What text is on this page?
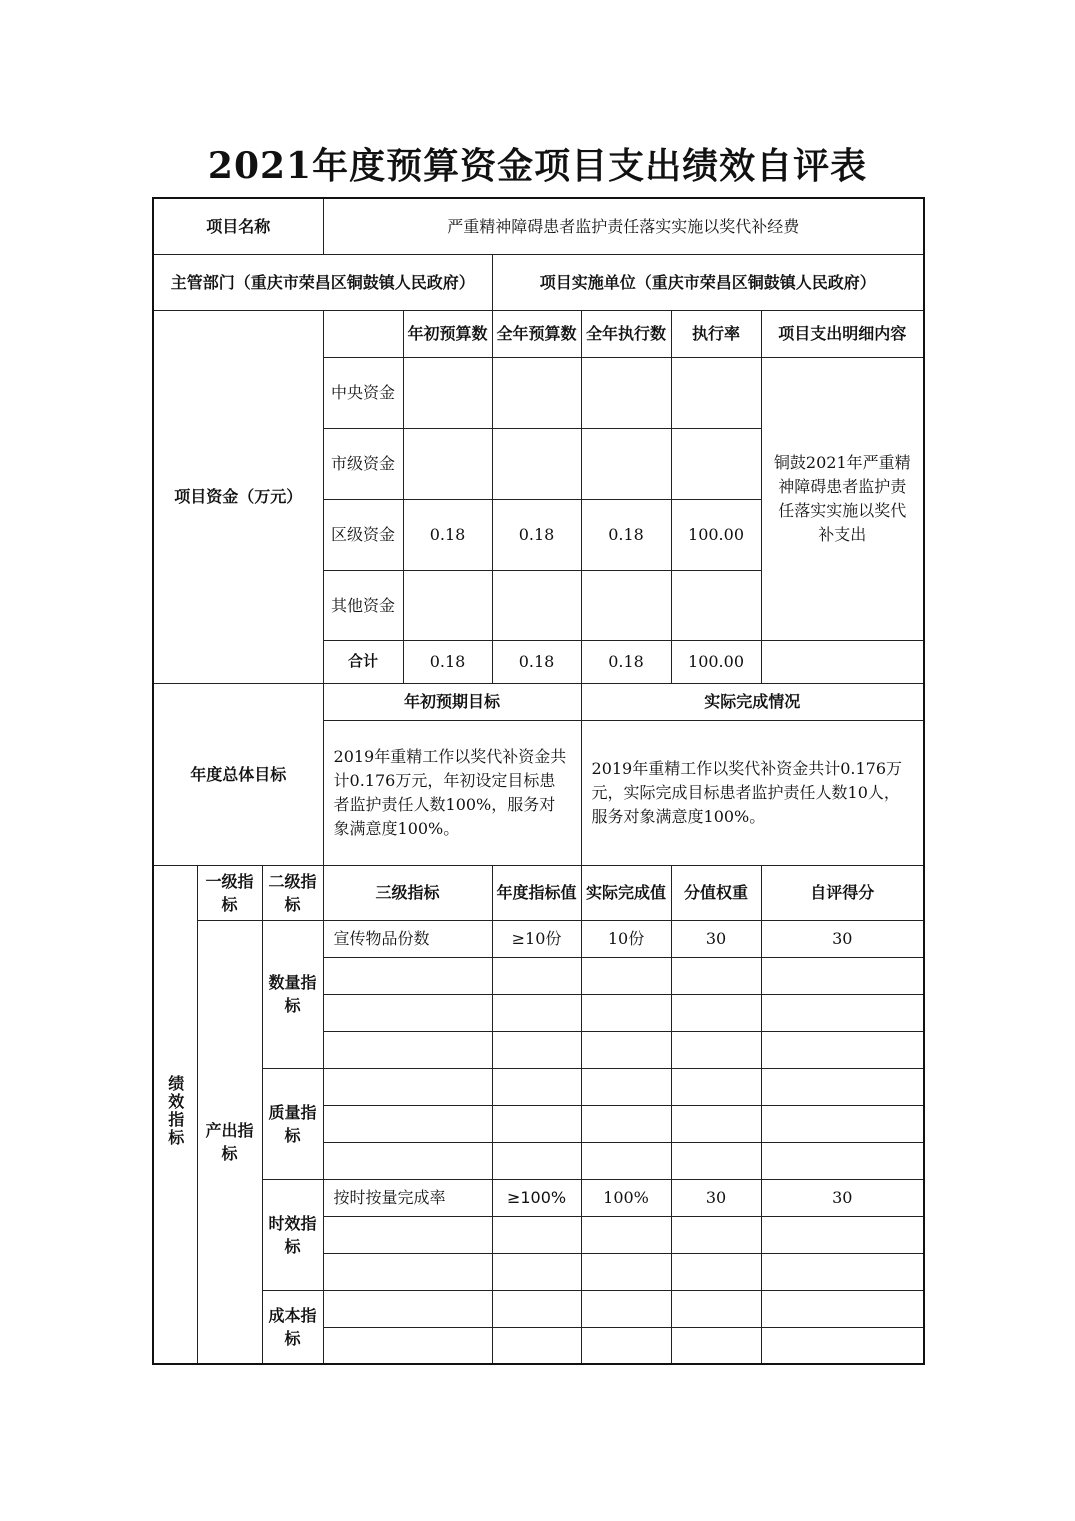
2021年度预算资金项目支出绩效自评表
项目名称			严重精神障碍患者监护责任落实实施以奖代补经费					
主管部门（重庆市荣昌区铜鼓镇人民政府）					项目实施单位（重庆市荣昌区铜鼓镇人民政府）			
项目资金（万元）				年初预算数	全年预算数	全年执行数	执行率	项目支出明细内容
			中央资金					铜鼓2021年严重精神障碍患者监护责任落实实施以奖代补支出
			市级资金					
			区级资金	0.18	0.18	0.18	100.00	
			其他资金					
			合计	0.18	0.18	0.18	100.00	
年度总体目标			年初预期目标			实际完成情况		
			2019年重精工作以奖代补资金共计0.176万元，年初设定目标患者监护责任人数100%，服务对象满意度100%。			2019年重精工作以奖代补资金共计0.176万元，实际完成目标患者监护责任人数10人，服务对象满意度100%。		
绩效指标	一级指标	二级指标	三级指标		年度指标值	实际完成值	分值权重	自评得分
	产出指标	数量指标	宣传物品份数		≥10份	10份	30	30

		质量指标						

		时效指标	按时按量完成率		≥100%	100%	30	30

		成本指标						
